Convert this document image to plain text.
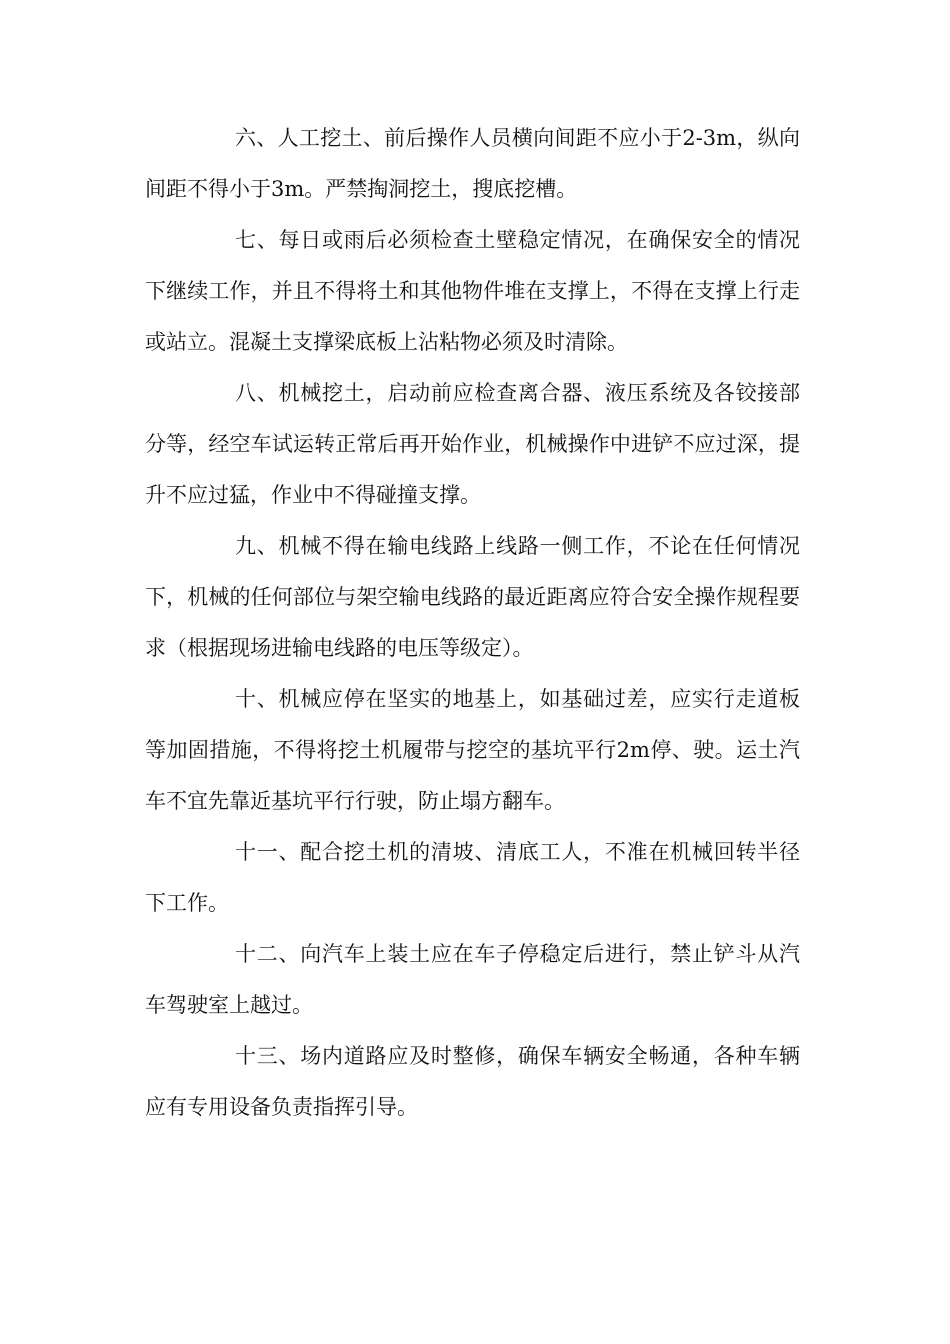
六、人工挖土、前后操作人员横向间距不应小于2-3m，纵向间距不得小于3m。严禁掏洞挖土，搜底挖槽。

七、每日或雨后必须检查土壁稳定情况，在确保安全的情况下继续工作，并且不得将土和其他物件堆在支撑上，不得在支撑上行走或站立。混凝土支撑梁底板上沾粘物必须及时清除。

八、机械挖土，启动前应检查离合器、液压系统及各铰接部分等，经空车试运转正常后再开始作业，机械操作中进铲不应过深，提升不应过猛，作业中不得碰撞支撑。

九、机械不得在输电线路上线路一侧工作，不论在任何情况下，机械的任何部位与架空输电线路的最近距离应符合安全操作规程要求（根据现场进输电线路的电压等级定）。

十、机械应停在坚实的地基上，如基础过差，应实行走道板等加固措施，不得将挖土机履带与挖空的基坑平行2m停、驶。运土汽车不宜先靠近基坑平行行驶，防止塌方翻车。

十一、配合挖土机的清坡、清底工人，不准在机械回转半径下工作。

十二、向汽车上装土应在车子停稳定后进行，禁止铲斗从汽车驾驶室上越过。

十三、场内道路应及时整修，确保车辆安全畅通，各种车辆应有专用设备负责指挥引导。
